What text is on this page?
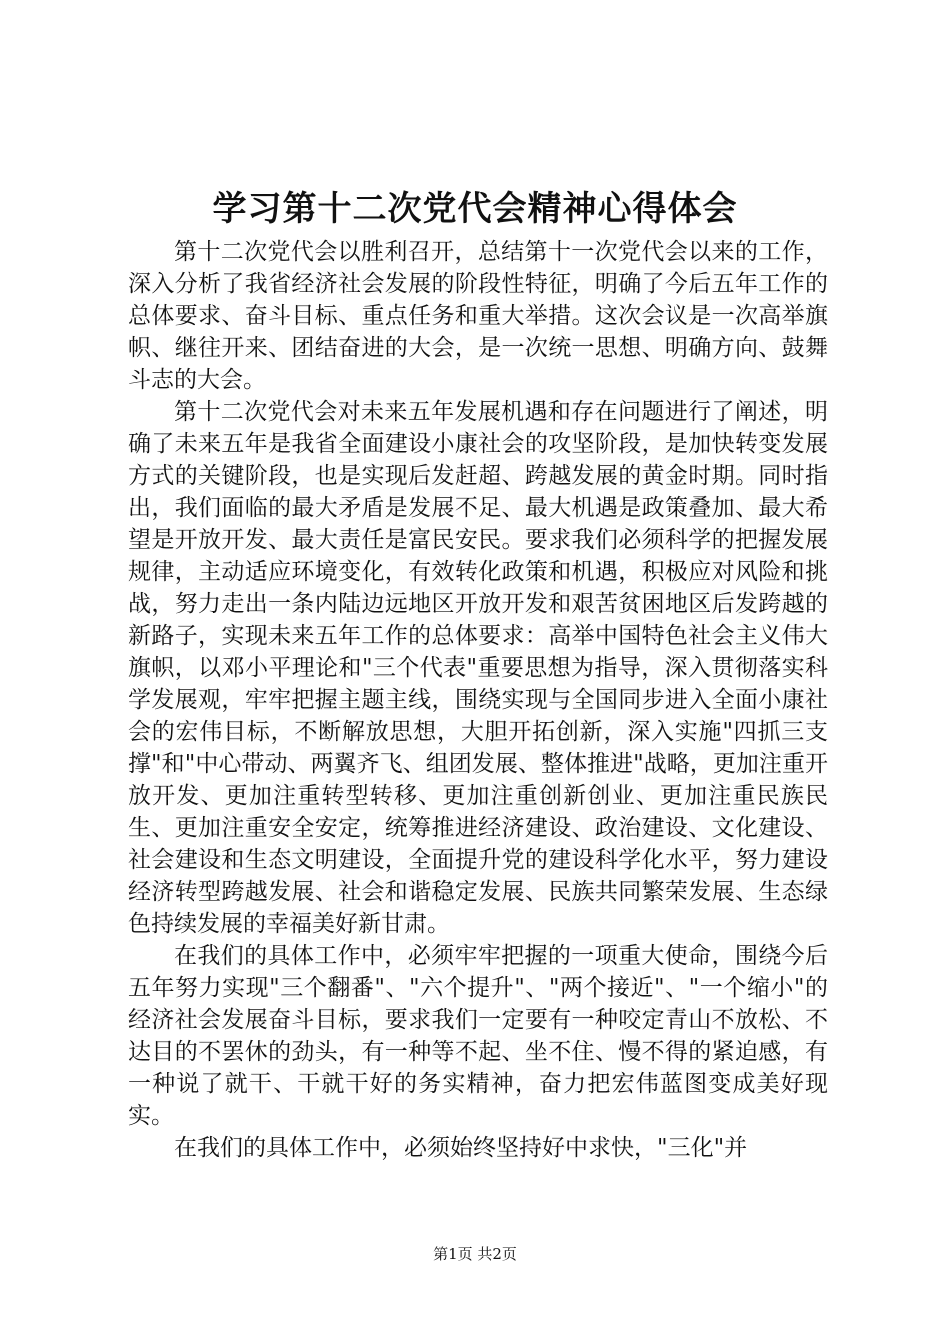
学习第十二次党代会精神心得体会

第十二次党代会以胜利召开，总结第十一次党代会以来的工作，深入分析了我省经济社会发展的阶段性特征，明确了今后五年工作的总体要求、奋斗目标、重点任务和重大举措。这次会议是一次高举旗帜、继往开来、团结奋进的大会，是一次统一思想、明确方向、鼓舞斗志的大会。

第十二次党代会对未来五年发展机遇和存在问题进行了阐述，明确了未来五年是我省全面建设小康社会的攻坚阶段，是加快转变发展方式的关键阶段，也是实现后发赶超、跨越发展的黄金时期。同时指出，我们面临的最大矛盾是发展不足、最大机遇是政策叠加、最大希望是开放开发、最大责任是富民安民。要求我们必须科学的把握发展规律，主动适应环境变化，有效转化政策和机遇，积极应对风险和挑战，努力走出一条内陆边远地区开放开发和艰苦贫困地区后发跨越的新路子，实现未来五年工作的总体要求：高举中国特色社会主义伟大旗帜，以邓小平理论和"三个代表"重要思想为指导，深入贯彻落实科学发展观，牢牢把握主题主线，围绕实现与全国同步进入全面小康社会的宏伟目标，不断解放思想，大胆开拓创新，深入实施"四抓三支撑"和"中心带动、两翼齐飞、组团发展、整体推进"战略，更加注重开放开发、更加注重转型转移、更加注重创新创业、更加注重民族民生、更加注重安全安定，统筹推进经济建设、政治建设、文化建设、社会建设和生态文明建设，全面提升党的建设科学化水平，努力建设经济转型跨越发展、社会和谐稳定发展、民族共同繁荣发展、生态绿色持续发展的幸福美好新甘肃。

在我们的具体工作中，必须牢牢把握的一项重大使命，围绕今后五年努力实现"三个翻番"、"六个提升"、"两个接近"、"一个缩小"的经济社会发展奋斗目标，要求我们一定要有一种咬定青山不放松、不达目的不罢休的劲头，有一种等不起、坐不住、慢不得的紧迫感，有一种说了就干、干就干好的务实精神，奋力把宏伟蓝图变成美好现实。

在我们的具体工作中，必须始终坚持好中求快，"三化"并

第1页 共2页
